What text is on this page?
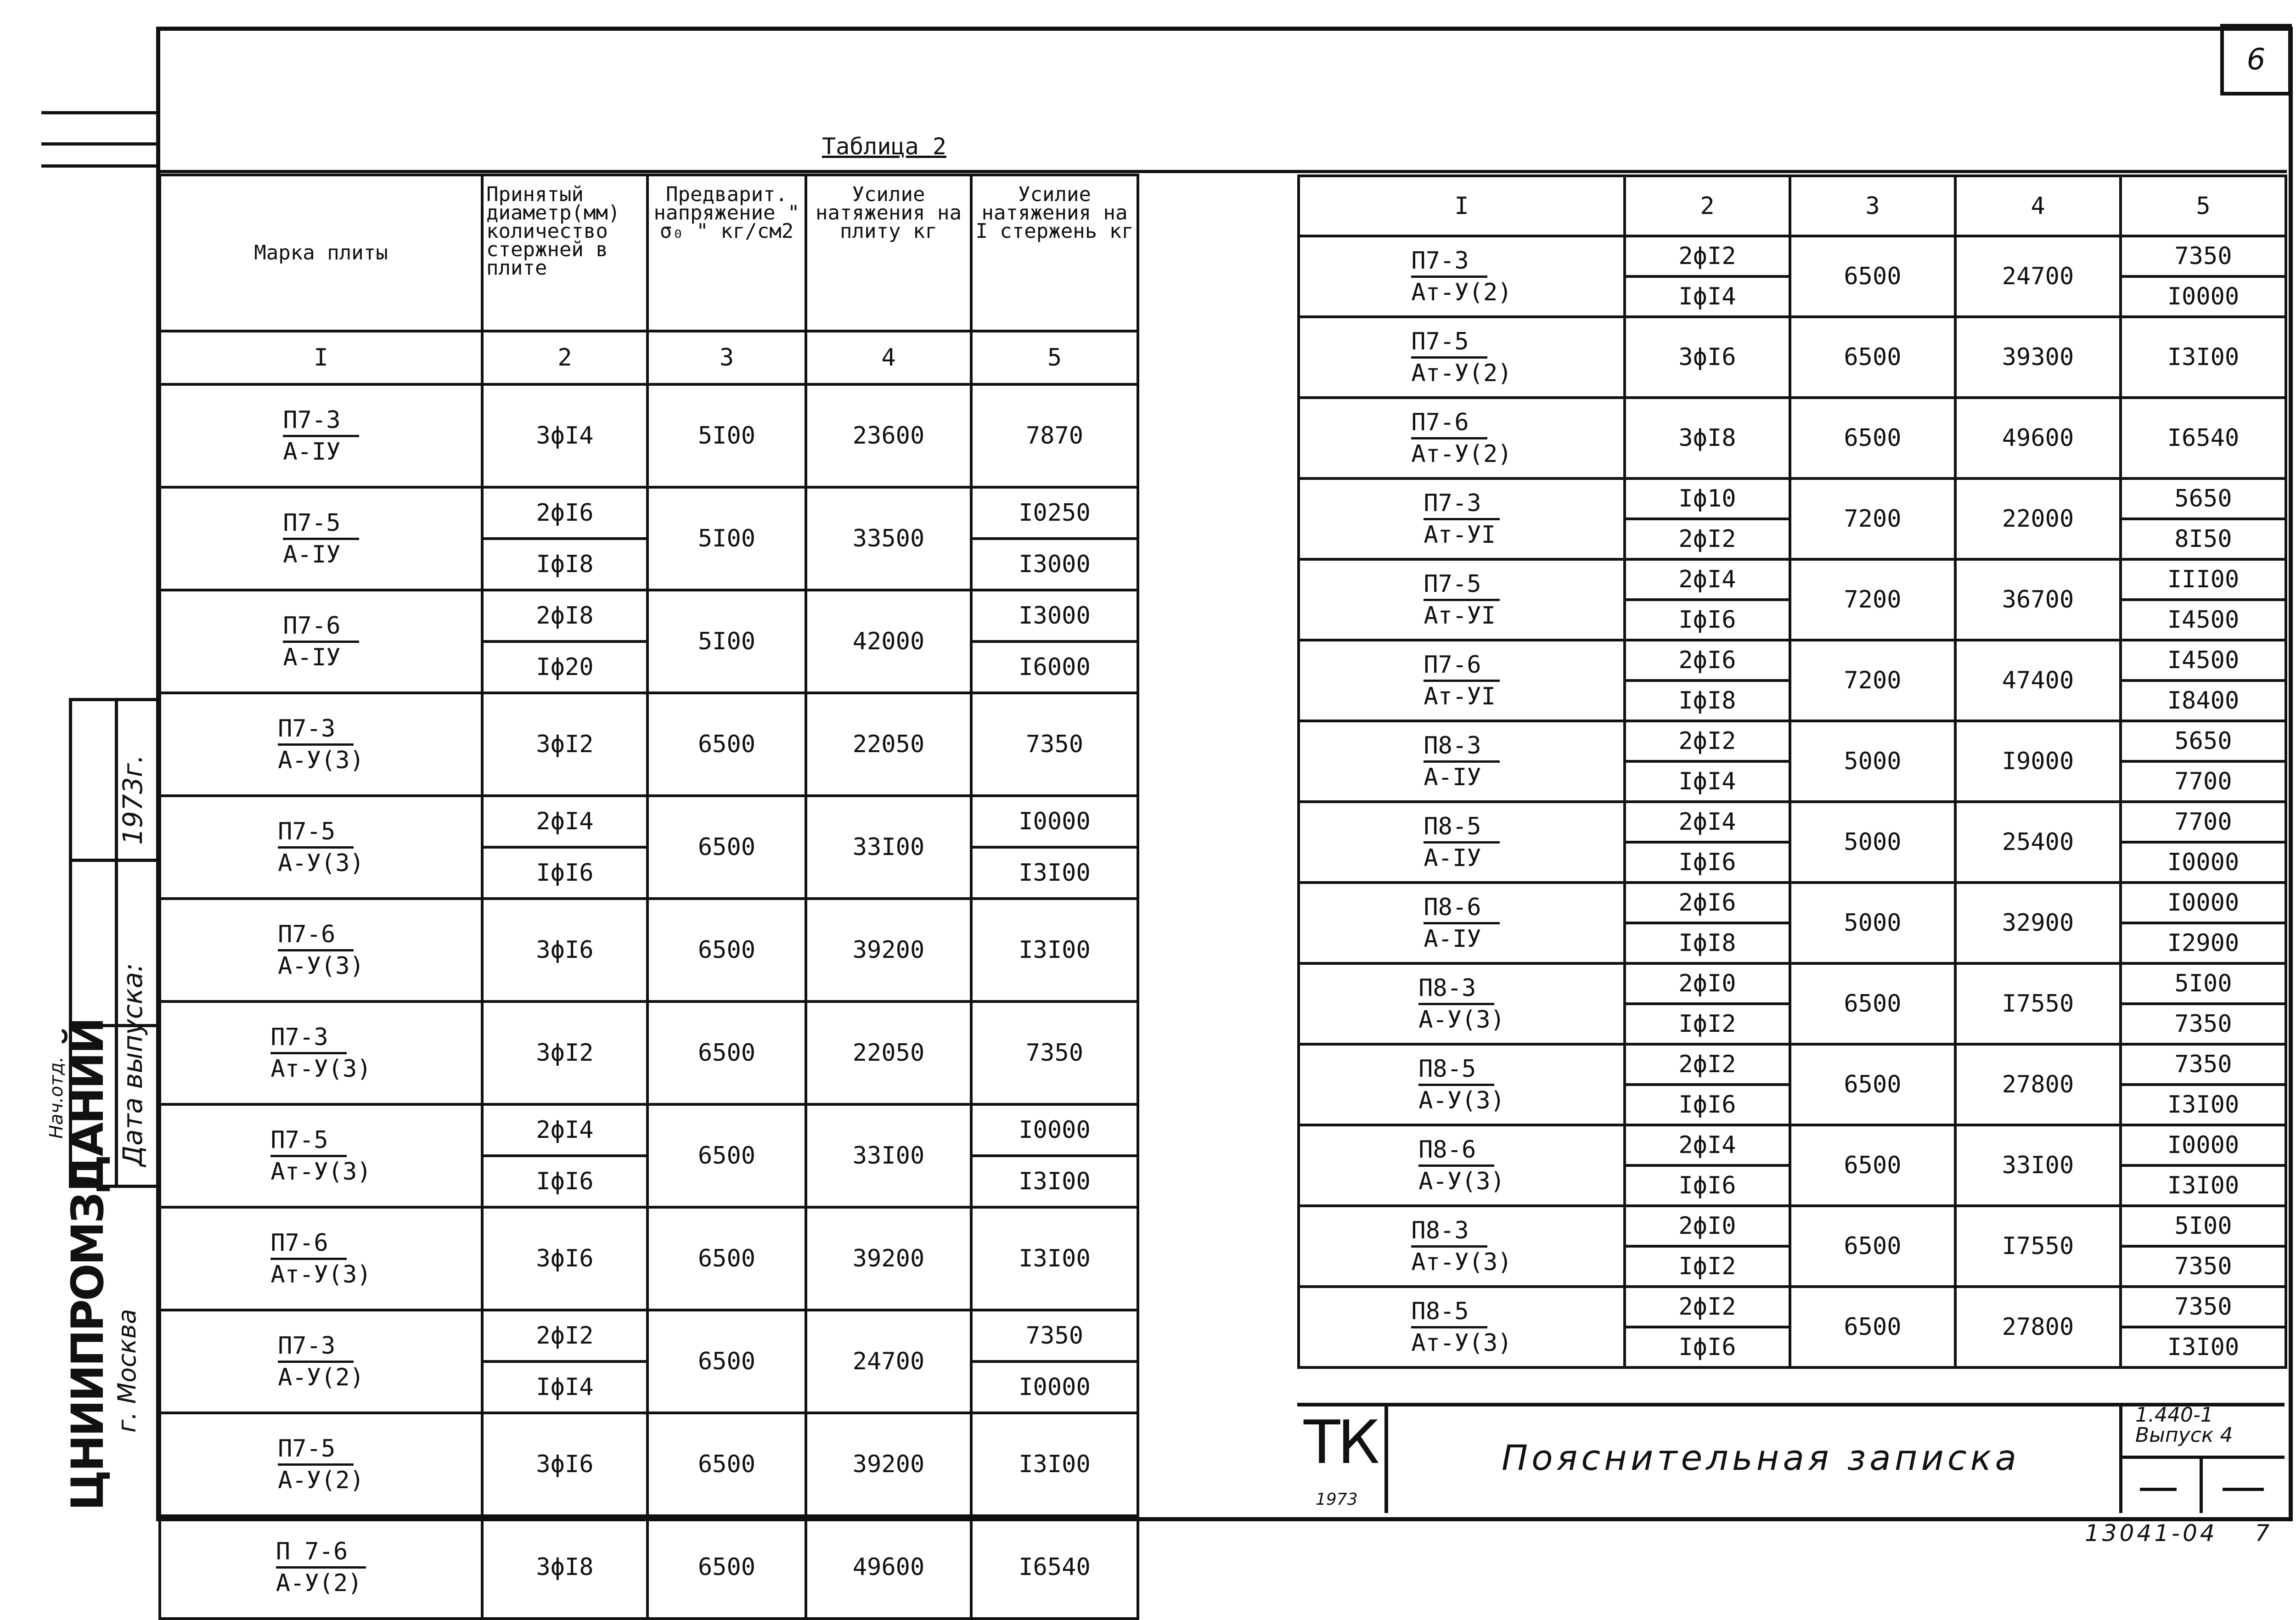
6
Таблица 2
Марка плиты	Принятый диаметр(мм) количество стержней в плите	Предварит. напряжение " σ₀ " кг/см2	Усилие натяжения на плиту кг	Усилие натяжения на I стержень кг
I	2	3	4	5
П7-3
А-IУ	3ϕI4	5I00	23600	7870

П7-5
А-IУ	2ϕI6	5I00	33500	I0250
	IϕI8			I3000
П7-6
А-IУ	2ϕI8	5I00	42000	I3000
	Iϕ20			I6000
П7-3
А-У(3)	3ϕI2	6500	22050	7350

П7-5
А-У(3)	2ϕI4	6500	33I00	I0000
	IϕI6			I3I00
П7-6
А-У(3)	3ϕI6	6500	39200	I3I00

П7-3
Ат-У(3)	3ϕI2	6500	22050	7350

П7-5
Ат-У(3)	2ϕI4	6500	33I00	I0000
	IϕI6			I3I00
П7-6
Ат-У(3)	3ϕI6	6500	39200	I3I00

П7-3
А-У(2)	2ϕI2	6500	24700	7350
	IϕI4			I0000
П7-5
А-У(2)	3ϕI6	6500	39200	I3I00

П 7-6
А-У(2)	3ϕI8	6500	49600	I6540

I	2	3	4	5
П7-3
Ат-У(2)	2ϕI2	6500	24700	7350
	IϕI4			I0000
П7-5
Ат-У(2)	3ϕI6	6500	39300	I3I00

П7-6
Ат-У(2)	3ϕI8	6500	49600	I6540

П7-3
Ат-УI	Iϕ10	7200	22000	5650
	2ϕI2			8I50
П7-5
Ат-УI	2ϕI4	7200	36700	III00
	IϕI6			I4500
П7-6
Ат-УI	2ϕI6	7200	47400	I4500
	IϕI8			I8400
П8-3
А-IУ	2ϕI2	5000	I9000	5650
	IϕI4			7700
П8-5
А-IУ	2ϕI4	5000	25400	7700
	IϕI6			I0000
П8-6
А-IУ	2ϕI6	5000	32900	I0000
	IϕI8			I2900
П8-3
А-У(3)	2ϕI0	6500	I7550	5I00
	IϕI2			7350
П8-5
А-У(3)	2ϕI2	6500	27800	7350
	IϕI6			I3I00
П8-6
А-У(3)	2ϕI4	6500	33I00	I0000
	IϕI6			I3I00
П8-3
Ат-У(3)	2ϕI0	6500	I7550	5I00
	IϕI2			7350
П8-5
Ат-У(3)	2ϕI2	6500	27800	7350
	IϕI6			I3I00
ТК
1973
Пояснительная записка
1.440-1
Выпуск 4
13041-04 7
Нач.отд. Дата выпуска:
1973г.
ЦНИИПРОМЗДАНИЙ
г. Москва
